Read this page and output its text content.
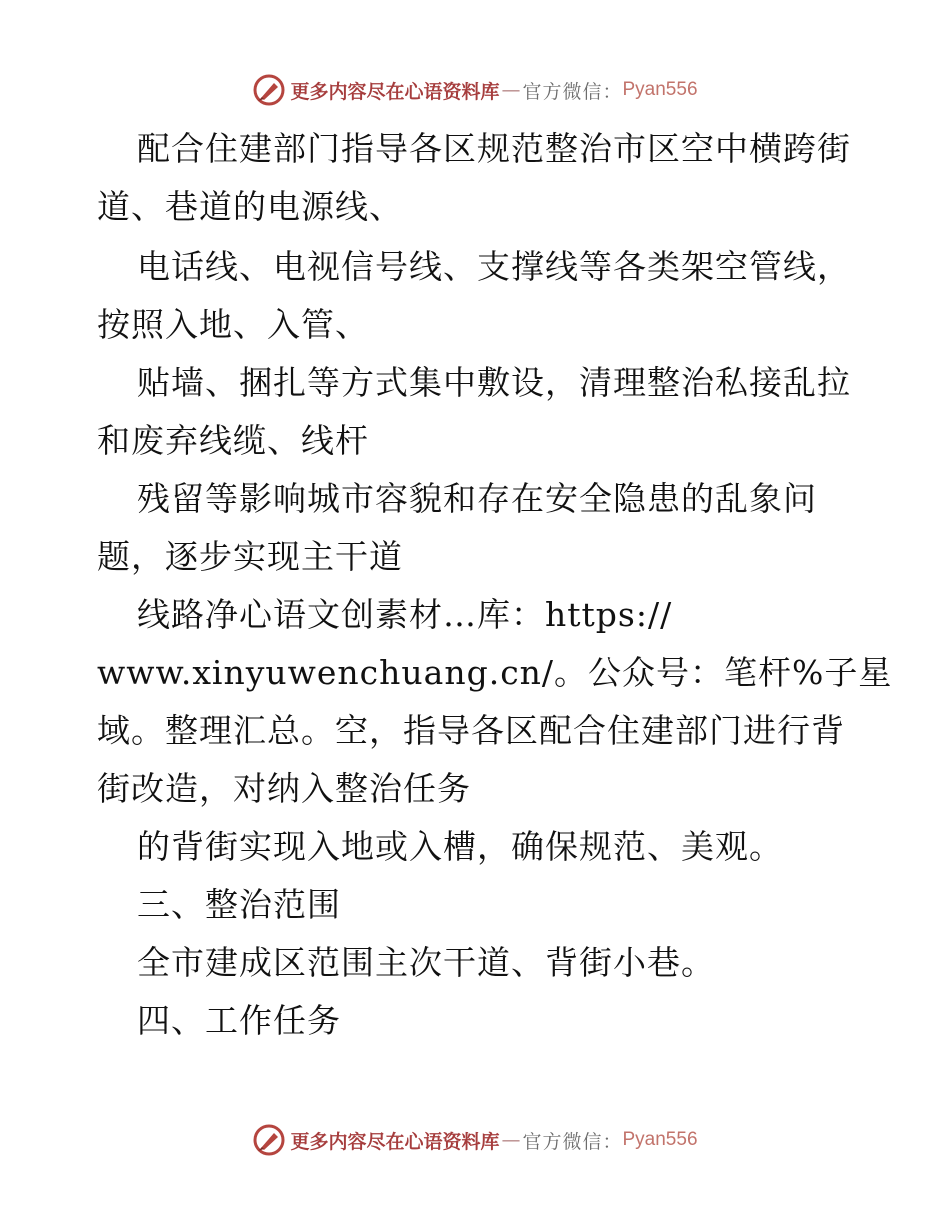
更多内容尽在心语资料库 — 官方微信： Pyan556
配合住建部门指导各区规范整治市区空中横跨街
道、巷道的电源线、
电话线、电视信号线、支撑线等各类架空管线，
按照入地、入管、
贴墙、捆扎等方式集中敷设，清理整治私接乱拉
和废弃线缆、线杆
残留等影响城市容貌和存在安全隐患的乱象问
题，逐步实现主干道
线路净心语文创素材…库：https://
www.xinyuwenchuang.cn/。公众号：笔杆%子星
域。整理汇总。空，指导各区配合住建部门进行背
街改造，对纳入整治任务
的背街实现入地或入槽，确保规范、美观。
三、整治范围
全市建成区范围主次干道、背街小巷。
四、工作任务
更多内容尽在心语资料库 — 官方微信： Pyan556
